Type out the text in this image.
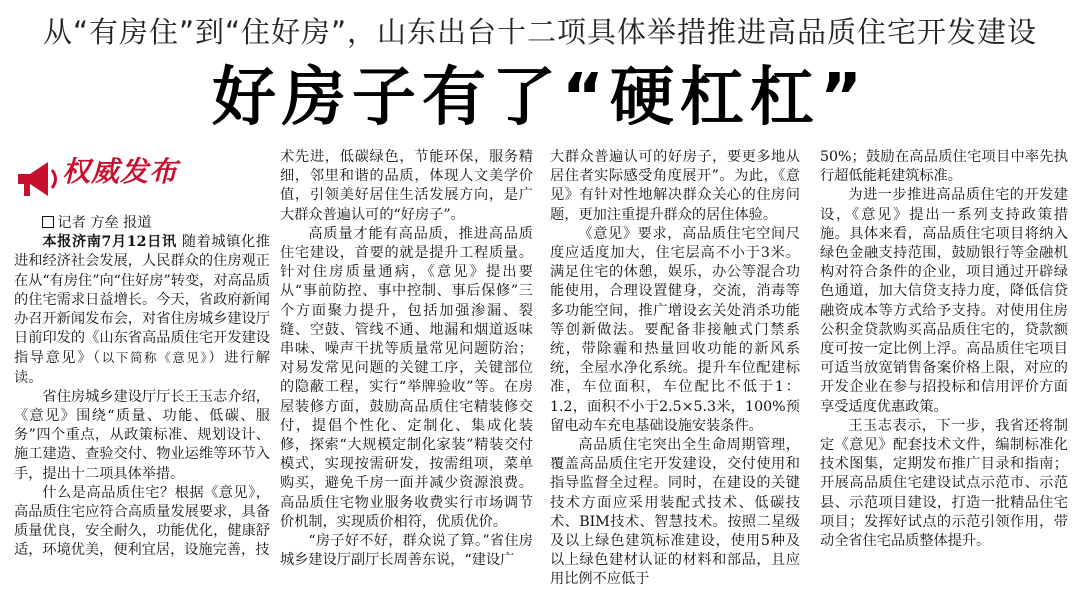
从“有房住”到“住好房”，山东出台十二项具体举措推进高品质住宅开发建设
好房子有了“硬杠杠”
权威发布

记者 方垒 报道

本报济南7月12日讯 随着城镇化推进和经济社会发展，人民群众的住房观正在从“有房住”向“住好房”转变，对高品质的住宅需求日益增长。今天，省政府新闻办召开新闻发布会，对省住房城乡建设厅日前印发的《山东省高品质住宅开发建设指导意见》（以下简称《意见》）进行解读。

省住房城乡建设厅厅长王玉志介绍，《意见》围绕“质量、功能、低碳、服务”四个重点，从政策标准、规划设计、施工建造、查验交付、物业运维等环节入手，提出十二项具体举措。

什么是高品质住宅？根据《意见》，高品质住宅应符合高质量发展要求，具备质量优良，安全耐久，功能优化，健康舒适，环境优美，便利宜居，设施完善，技

术先进，低碳绿色，节能环保，服务精细，邻里和谐的品质，体现人文美学价值，引领美好居住生活发展方向，是广大群众普遍认可的“好房子”。

高质量才能有高品质，推进高品质住宅建设，首要的就是提升工程质量。针对住房质量通病，《意见》提出要从“事前防控、事中控制、事后保修”三个方面聚力提升，包括加强渗漏、裂缝、空鼓、管线不通、地漏和烟道返味串味、噪声干扰等质量常见问题防治；对易发常见问题的关键工序，关键部位的隐蔽工程，实行“举牌验收”等。在房屋装修方面，鼓励高品质住宅精装修交付，提倡个性化、定制化、集成化装修，探索“大规模定制化家装”精装交付模式，实现按需研发，按需组项，菜单购买，避免千房一面并减少资源浪费。高品质住宅物业服务收费实行市场调节价机制，实现质价相符，优质优价。

“房子好不好，群众说了算。”省住房城乡建设厅副厅长周善东说，“建设广

大群众普遍认可的好房子，要更多地从居住者实际感受角度展开”。为此，《意见》有针对性地解决群众关心的住房问题，更加注重提升群众的居住体验。

《意见》要求，高品质住宅空间尺度应适度加大，住宅层高不小于3米。满足住宅的休憩，娱乐，办公等混合功能使用，合理设置健身，交流，消毒等多功能空间，推广增设玄关处消杀功能等创新做法。要配备非接触式门禁系统，带除霾和热量回收功能的新风系统，全屋水净化系统。提升车位配建标准，车位面积，车位配比不低于1：1.2，面积不小于2.5×5.3米，100%预留电动车充电基础设施安装条件。

高品质住宅突出全生命周期管理，覆盖高品质住宅开发建设，交付使用和指导监督全过程。同时，在建设的关键技术方面应采用装配式技术、低碳技术、BIM技术、智慧技术。按照二星级及以上绿色建筑标准建设，使用5种及以上绿色建材认证的材料和部品，且应用比例不应低于

50%；鼓励在高品质住宅项目中率先执行超低能耗建筑标准。

为进一步推进高品质住宅的开发建设，《意见》提出一系列支持政策措施。具体来看，高品质住宅项目将纳入绿色金融支持范围，鼓励银行等金融机构对符合条件的企业，项目通过开辟绿色通道，加大信贷支持力度，降低信贷融资成本等方式给予支持。对使用住房公积金贷款购买高品质住宅的，贷款额度可按一定比例上浮。高品质住宅项目可适当放宽销售备案价格上限，对应的开发企业在参与招投标和信用评价方面享受适度优惠政策。

王玉志表示，下一步，我省还将制定《意见》配套技术文件，编制标准化技术图集，定期发布推广目录和指南；开展高品质住宅建设试点示范市、示范县、示范项目建设，打造一批精品住宅项目；发挥好试点的示范引领作用，带动全省住宅品质整体提升。
